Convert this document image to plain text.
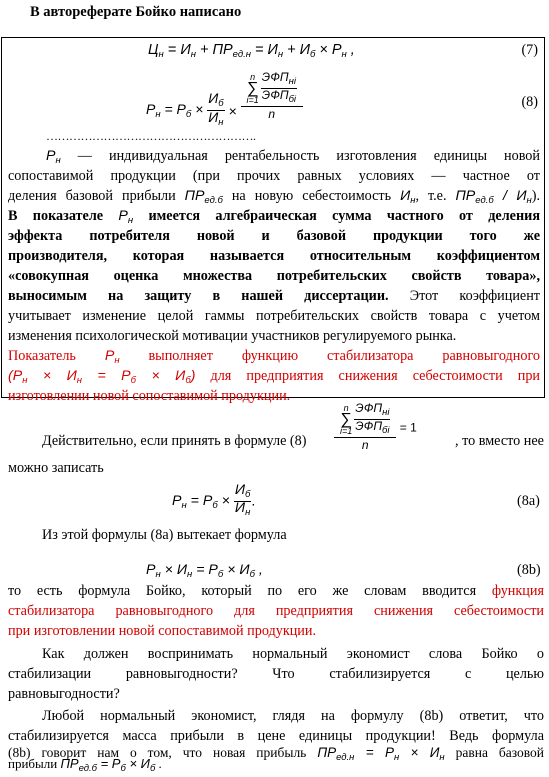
В автореферате Бойко написано
$Ц_н = И_н + ПР_{ед.н} = И_н + И_б \times Р_н$ ,	(7)
$Р_н = Р_б \times \frac{И_б}{И_н} \times n$
∑
$i=1 \frac{ЭФП_{нi}}{ЭФП_{бi}}$
n	(8)
……………………………………………….
$Р_н$ — индивидуальная рентабельность изготовления единицы новой
сопоставимой продукции (при прочих равных условиях — частное от
деления базовой прибыли $ПР_{ед.б}$ на новую себестоимость $И_н$, т.е. $ПР_{ед.б} / И_н$).
В показателе $Р_н$ имеется алгебраическая сумма частного от деления
эффекта потребителя новой и базовой продукции того же
производителя, которая называется относительным коэффициентом
«совокупная оценка множества потребительских свойств товара»,
выносимым на защиту в нашей диссертации. Этот коэффициент
учитывает изменение целой гаммы потребительских свойств товара с учетом
изменения психологической мотивации участников регулируемого рынка.
Показатель $Р_н$ выполняет функцию стабилизатора равновыгодного
$(Р_н \times И_н = Р_б \times И_б)$ для предприятия снижения себестоимости при
изготовлении новой сопоставимой продукции.
Действительно, если принять в формуле (8)	n
∑
$i=1 \frac{ЭФП_{нi}}{ЭФП_{бi}}$
n = 1
, то вместо нее
можно записать
$Р_н = Р_б \times \frac{И_б}{И_н}$ .	(8a)
Из этой формулы (8а) вытекает формула
$Р_н \times И_н = Р_б \times И_б$ ,	(8b)
то есть формула Бойко, который по его же словам вводится функция
стабилизатора равновыгодного для предприятия снижения себестоимости
при изготовлении новой сопоставимой продукции.
Как должен воспринимать нормальный экономист слова Бойко о
стабилизации равновыгодности? Что стабилизируется с целью
равновыгодности?
Любой нормальный экономист, глядя на формулу (8b) ответит, что
стабилизируется масса прибыли в цене единицы продукции! Ведь формула
(8b) говорит нам о том, что новая прибыль $ПР_{ед.н} = Р_н \times И_н$ равна базовой
прибыли $ПР_{ед.б} = Р_б \times И_б$ .
